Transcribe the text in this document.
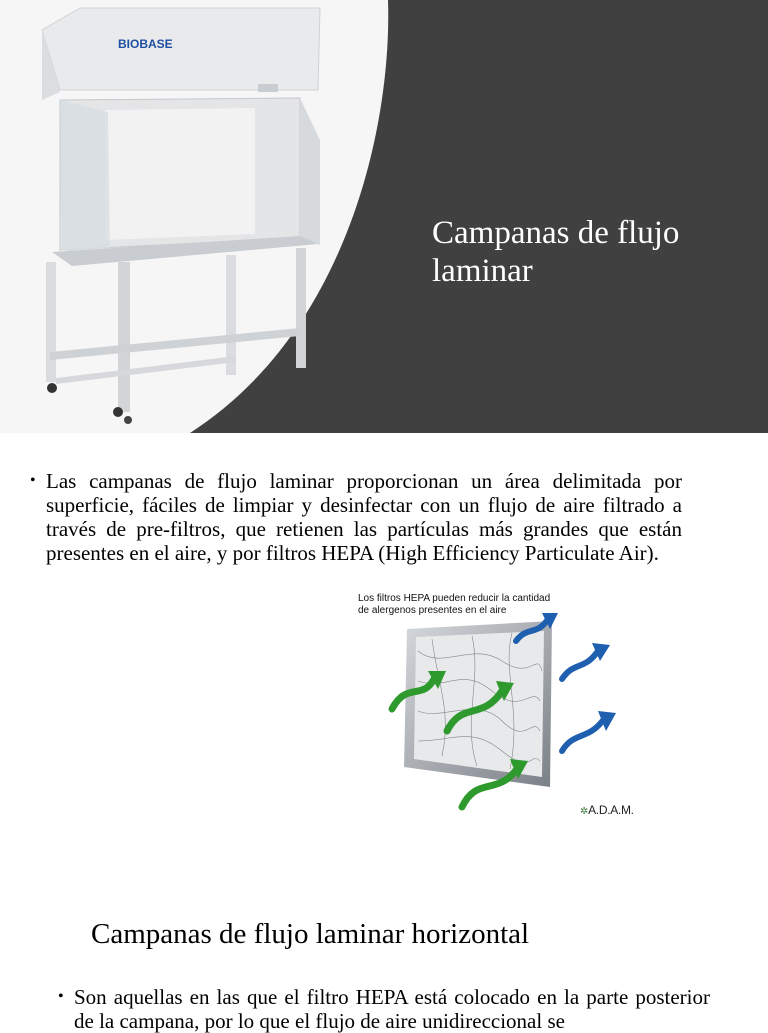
BIOBASE
Campanas de flujo laminar
• Las campanas de flujo laminar proporcionan un área delimitada por superficie, fáciles de limpiar y desinfectar con un flujo de aire filtrado a través de pre-filtros, que retienen las partículas más grandes que están presentes en el aire, y por filtros HEPA (High Efficiency Particulate Air).
Los filtros HEPA pueden reducir la cantidad de alergenos presentes en el aire
✲A.D.A.M.
Campanas de flujo laminar horizontal
• Son aquellas en las que el filtro HEPA está colocado en la parte posterior de la campana, por lo que el flujo de aire unidireccional se
